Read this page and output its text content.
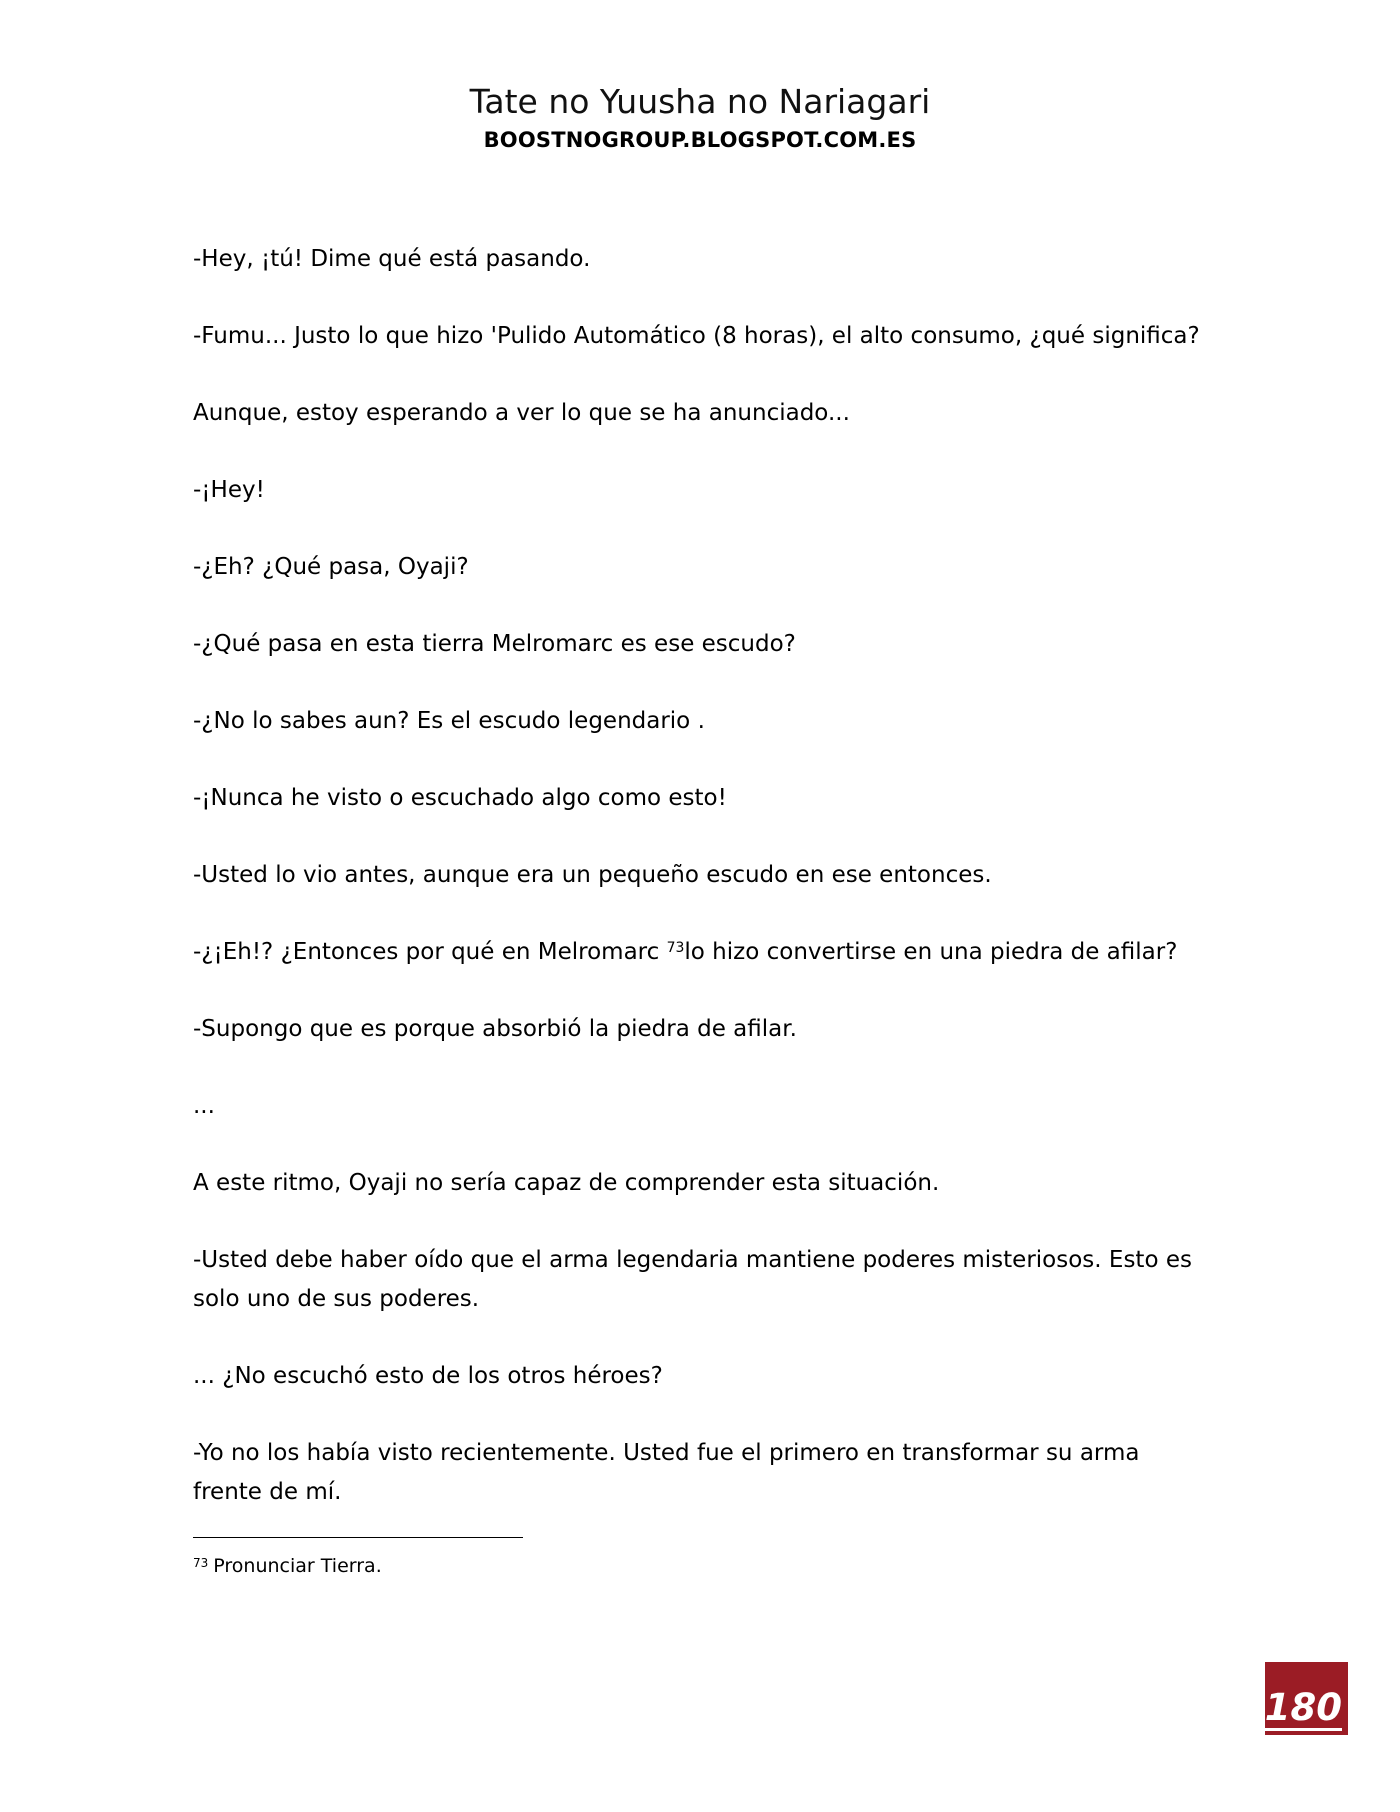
Tate no Yuusha no Nariagari
BOOSTNOGROUP.BLOGSPOT.COM.ES

-Hey, ¡tú! Dime qué está pasando.

-Fumu... Justo lo que hizo 'Pulido Automático (8 horas), el alto consumo, ¿qué significa?

Aunque, estoy esperando a ver lo que se ha anunciado...

-¡Hey!

-¿Eh? ¿Qué pasa, Oyaji?

-¿Qué pasa en esta tierra Melromarc es ese escudo?

-¿No lo sabes aun? Es el escudo legendario .

-¡Nunca he visto o escuchado algo como esto!

-Usted lo vio antes, aunque era un pequeño escudo en ese entonces.

-¿¡Eh!? ¿Entonces por qué en Melromarc $^{73}$lo hizo convertirse en una piedra de afilar?

-Supongo que es porque absorbió la piedra de afilar.

...

A este ritmo, Oyaji no sería capaz de comprender esta situación.

-Usted debe haber oído que el arma legendaria mantiene poderes misteriosos. Esto es solo uno de sus poderes.

... ¿No escuchó esto de los otros héroes?

-Yo no los había visto recientemente. Usted fue el primero en transformar su arma frente de mí.

$^{73}$ Pronunciar Tierra.
180
